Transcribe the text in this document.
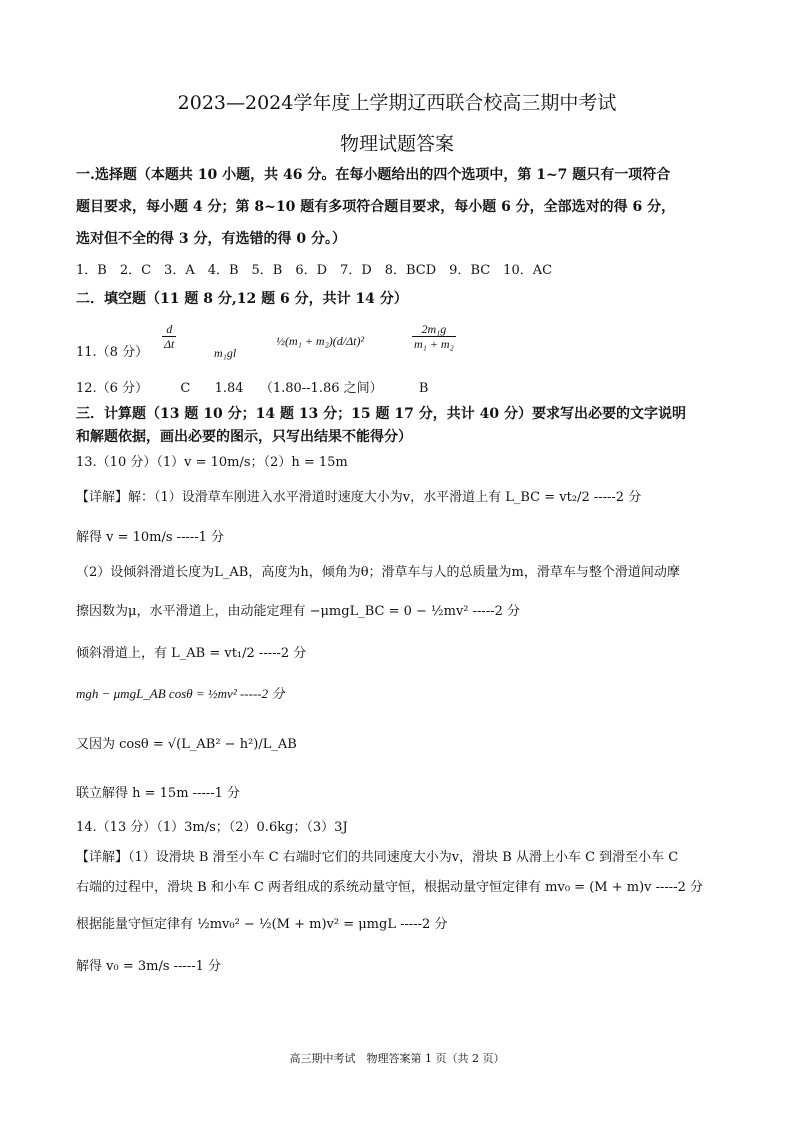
2023—2024学年度上学期辽西联合校高三期中考试
物理试题答案
一.选择题（本题共 10 小题，共 46 分。在每小题给出的四个选项中，第 1~7 题只有一项符合
题目要求，每小题 4 分；第 8~10 题有多项符合题目要求，每小题 6 分，全部选对的得 6 分，
选对但不全的得 3 分，有选错的得 0 分。）
1．B　2．C　3．A　4．B　5．B　6．D　7．D　8．BCD　9．BC　10．AC
二．填空题（11 题 8 分,12 题 6 分，共计 14 分）
11.（8 分）
$\frac{d}{\Delta t}$
m₁gl
½(m₁ + m₂)(d/Δt)²	$\frac{\text{2m₁g}}{\text{m₁ + m₂}}$
12.（6 分） C 1.84 （1.80--1.86 之间）	B
三．计算题（13 题 10 分；14 题 13 分；15 题 17 分，共计 40 分）要求写出必要的文字说明
和解题依据，画出必要的图示，只写出结果不能得分）
13.（10 分）（1）v = 10m/s；（2）h = 15m
【详解】解：（1）设滑草车刚进入水平滑道时速度大小为v，水平滑道上有 L_BC = vt₂/2 -----2 分
解得 v = 10m/s -----1 分
（2）设倾斜滑道长度为L_AB，高度为h，倾角为θ；滑草车与人的总质量为m，滑草车与整个滑道间动摩
擦因数为μ，水平滑道上，由动能定理有 −μmgL_BC = 0 − ½mv² -----2 分
倾斜滑道上，有 L_AB = vt₁/2 -----2 分
mgh − μmgL_AB cosθ = ½mv² -----2 分
又因为 cosθ = √(L_AB² − h²)/L_AB
联立解得 h = 15m -----1 分
14.（13 分）（1）3m/s；（2）0.6kg；（3）3J
【详解】（1）设滑块 B 滑至小车 C 右端时它们的共同速度大小为v，滑块 B 从滑上小车 C 到滑至小车 C
右端的过程中，滑块 B 和小车 C 两者组成的系统动量守恒，根据动量守恒定律有 mv₀ = (M + m)v -----2 分
根据能量守恒定律有 ½mv₀² − ½(M + m)v² = μmgL -----2 分
解得 v₀ = 3m/s -----1 分
高三期中考试　物理答案第 1 页（共 2 页）
